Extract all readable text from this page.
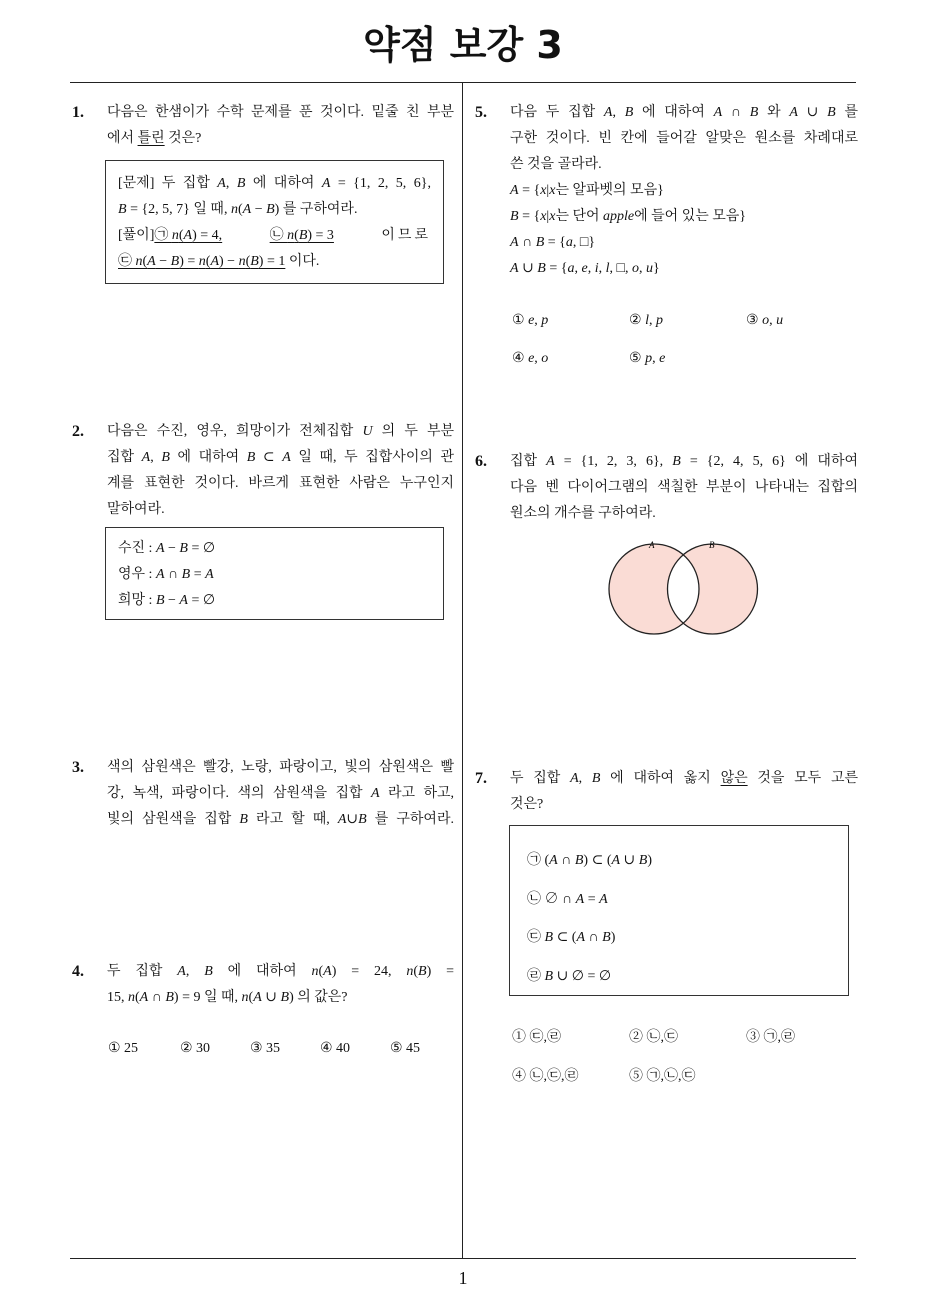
약점 보강 3
1. 다음은 한샘이가 수학 문제를 푼 것이다. 밑줄 친 부분
에서 틀린 것은?
[문제] 두 집합 A, B 에 대하여 A = {1, 2, 5, 6},
B = {2, 5, 7} 일 때, n(A − B) 를 구하여라.
[풀이]㉠ n(A) = 4,	㉡ n(B) = 3	이므로
㉢ n(A − B) = n(A) − n(B) = 1 이다.
2. 다음은 수진, 영우, 희망이가 전체집합 U 의 두 부분
집합 A, B 에 대하여 B ⊂ A 일 때, 두 집합사이의 관
계를 표현한 것이다. 바르게 표현한 사람은 누구인지
말하여라.
수진 : A − B = ∅
영우 : A ∩ B = A
희망 : B − A = ∅
3. 색의 삼원색은 빨강, 노랑, 파랑이고, 빛의 삼원색은 빨
강, 녹색, 파랑이다. 색의 삼원색을 집합 A 라고 하고,
빛의 삼원색을 집합 B 라고 할 때, A∪B 를 구하여라.
4. 두 집합 A, B 에 대하여 n(A) = 24, n(B) =
15, n(A ∩ B) = 9 일 때, n(A ∪ B) 의 값은?
① 25	② 30	③ 35	④ 40	⑤ 45
5. 다음 두 집합 A, B 에 대하여 A ∩ B 와 A ∪ B 를
구한 것이다. 빈 칸에 들어갈 알맞은 원소를 차례대로
쓴 것을 골라라.
A = {x|x는 알파벳의 모음}
B = {x|x는 단어 apple에 들어 있는 모음}
A ∩ B = {a, □}
A ∪ B = {a, e, i, l, □, o, u}
① e, p	② l, p	③ o, u
④ e, o	⑤ p, e
6. 집합 A = {1, 2, 3, 6}, B = {2, 4, 5, 6} 에 대하여
다음 벤 다이어그램의 색칠한 부분이 나타내는 집합의
원소의 개수를 구하여라.
A	B
7. 두 집합 A, B 에 대하여 옳지 않은 것을 모두 고른
것은?
㉠ (A ∩ B) ⊂ (A ∪ B)
㉡ ∅ ∩ A = A
㉢ B ⊂ (A ∩ B)
㉣ B ∪ ∅ = ∅
① ㉢,㉣	② ㉡,㉢	③ ㉠,㉣
④ ㉡,㉢,㉣	⑤ ㉠,㉡,㉢
1
